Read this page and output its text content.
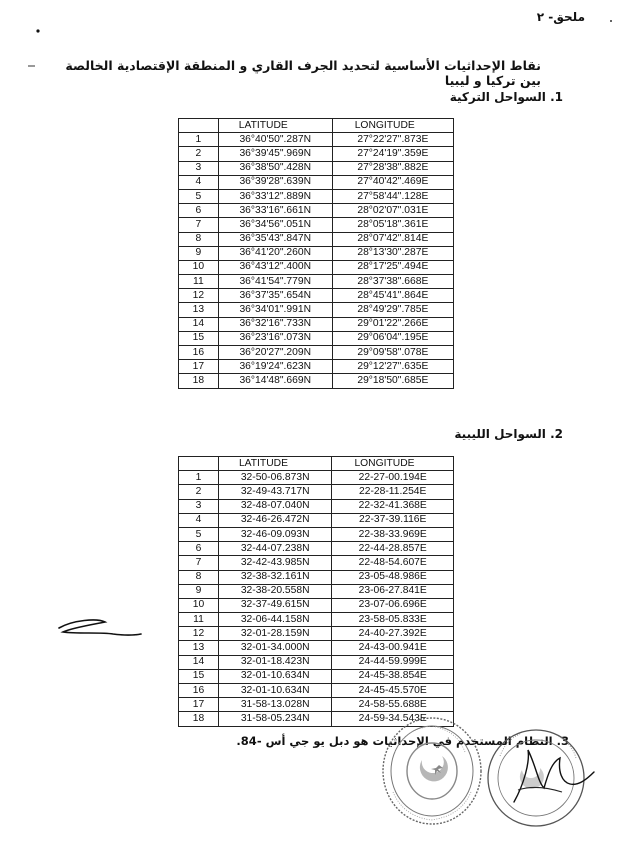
ملحق- ٢
نقاط الإحداثيات الأساسية لتحديد الجرف القاري و المنطقة الإقتصادية الخالصة بين تركيا و ليبيا
1. السواحل التركية
	LATITUDE	LONGITUDE
1	36°40'50".287N	27°22'27".873E
2	36°39'45".969N	27°24'19".359E
3	36°38'50".428N	27°28'38".882E
4	36°39'28".639N	27°40'42".469E
5	36°33'12".889N	27°58'44".128E
6	36°33'16".661N	28°02'07".031E
7	36°34'56".051N	28°05'18".361E
8	36°35'43".847N	28°07'42".814E
9	36°41'20".260N	28°13'30".287E
10	36°43'12".400N	28°17'25".494E
11	36°41'54".779N	28°37'38".668E
12	36°37'35".654N	28°45'41".864E
13	36°34'01".991N	28°49'29".785E
14	36°32'16".733N	29°01'22".266E
15	36°23'16".073N	29°06'04".195E
16	36°20'27".209N	29°09'58".078E
17	36°19'24".623N	29°12'27".635E
18	36°14'48".669N	29°18'50".685E
2. السواحل الليبية
	LATITUDE	LONGITUDE
1	32-50-06.873N	22-27-00.194E
2	32-49-43.717N	22-28-11.254E
3	32-48-07.040N	22-32-41.368E
4	32-46-26.472N	22-37-39.116E
5	32-46-09.093N	22-38-33.969E
6	32-44-07.238N	22-44-28.857E
7	32-42-43.985N	22-48-54.607E
8	32-38-32.161N	23-05-48.986E
9	32-38-20.558N	23-06-27.841E
10	32-37-49.615N	23-07-06.696E
11	32-06-44.158N	23-58-05.833E
12	32-01-28.159N	24-40-27.392E
13	32-01-34.000N	24-43-00.941E
14	32-01-18.423N	24-44-59.999E
15	32-01-10.634N	24-45-38.854E
16	32-01-10.634N	24-45-45.570E
17	31-58-13.028N	24-58-55.688E
18	31-58-05.234N	24-59-34.543E
3. النظام المستخدم في الإحداثيات هو دبل يو جي أس -84.
